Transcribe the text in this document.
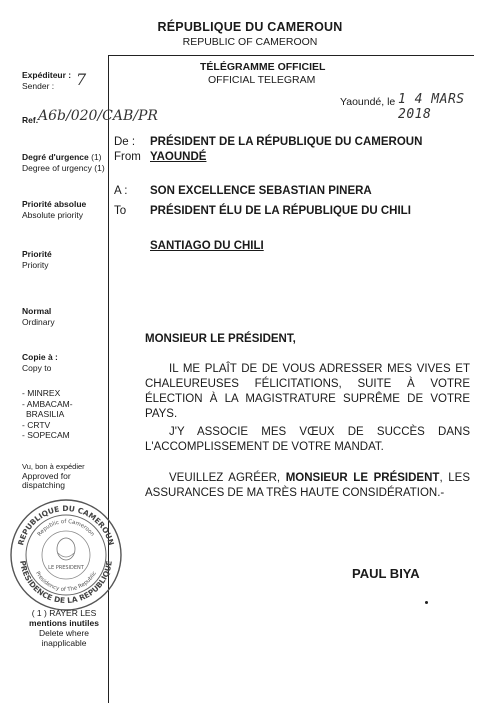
RÉPUBLIQUE DU CAMEROUN
REPUBLIC OF CAMEROON
TÉLÉGRAMME OFFICIEL
OFFICIAL TELEGRAM
Yaoundé, le 1 4 MARS 2018
Expéditeur :
Sender :	7
Ref. A6b/020/CAB/PR
Degré d'urgence (1)
Degree of urgency (1)
Priorité absolue
Absolute priority
Priorité
Priority
Normal
Ordinary
Copie à :
Copy to
- MINREX
- AMBACAM-
BRASILIA
- CRTV
- SOPECAM
Vu, bon à expédier
Approved for
dispatching
REPUBLIQUE DU CAMEROUN
PRESIDENCE DE LA REPUBLIQUE
Republic of Cameroon
Presidency of The Republic
LE PRESIDENT
( 1 ) RAYER LES
mentions inutiles
Delete where
inapplicable
De : PRÉSIDENT DE LA RÉPUBLIQUE DU CAMEROUN
From YAOUNDÉ
A : SON EXCELLENCE SEBASTIAN PINERA
To PRÉSIDENT ÉLU DE LA RÉPUBLIQUE DU CHILI
SANTIAGO DU CHILI
MONSIEUR LE PRÉSIDENT,
IL ME PLAÎT DE DE VOUS ADRESSER MES VIVES ET CHALEUREUSES FÉLICITATIONS, SUITE À VOTRE ÉLECTION À LA MAGISTRATURE SUPRÊME DE VOTRE PAYS.
J'Y ASSOCIE MES VŒUX DE SUCCÈS DANS L'ACCOMPLISSEMENT DE VOTRE MANDAT.
VEUILLEZ AGRÉER, MONSIEUR LE PRÉSIDENT, LES ASSURANCES DE MA TRÈS HAUTE CONSIDÉRATION.-
PAUL BIYA
